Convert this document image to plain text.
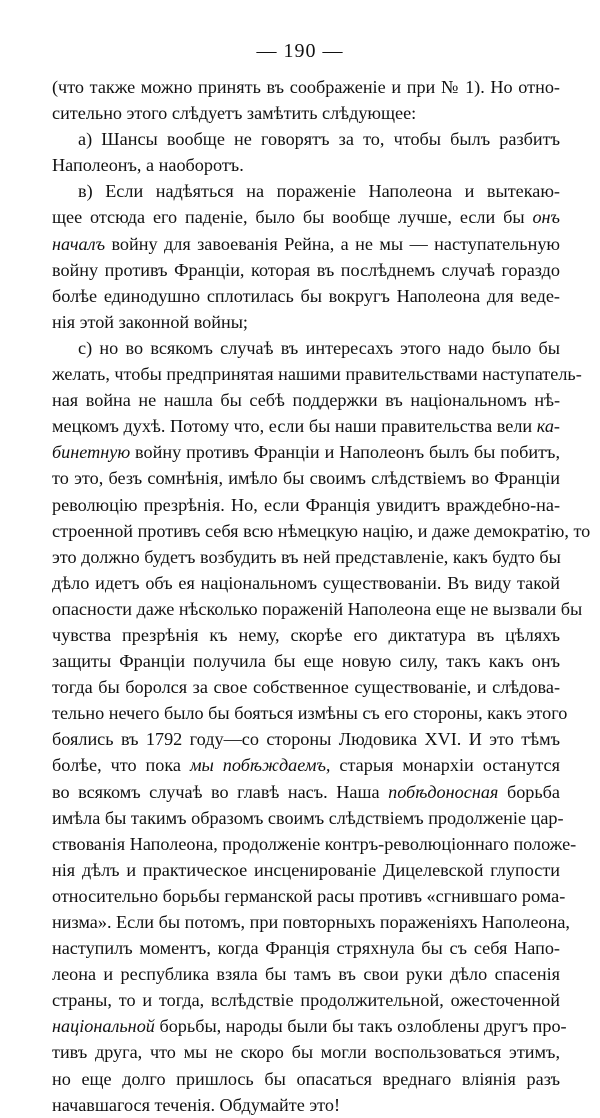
— 190 —
(что также можно принять въ соображеніе и при № 1). Но отно-
сительно этого слѣдуетъ замѣтить слѣдующее:
а) Шансы вообще не говорятъ за то, чтобы былъ разбитъ
Наполеонъ, а наоборотъ.
в) Если надѣяться на пораженіе Наполеона и вытекаю-
щее отсюда его паденіе, было бы вообще лучше, если бы онъ
началъ войну для завоеванія Рейна, а не мы — наступательную
войну противъ Франціи, которая въ послѣднемъ случаѣ гораздо
болѣе единодушно сплотилась бы вокругъ Наполеона для веде-
нія этой законной войны;
с) но во всякомъ случаѣ въ интересахъ этого надо было бы
желать, чтобы предпринятая нашими правительствами наступатель-
ная война не нашла бы себѣ поддержки въ національномъ нѣ-
мецкомъ духѣ. Потому что, если бы наши правительства вели ка-
бинетную войну противъ Франціи и Наполеонъ былъ бы побитъ,
то это, безъ сомнѣнія, имѣло бы своимъ слѣдствіемъ во Франціи
революцію презрѣнія. Но, если Франція увидитъ враждебно-на-
строенной противъ себя всю нѣмецкую націю, и даже демократію, то
это должно будетъ возбудить въ ней представленіе, какъ будто бы
дѣло идетъ объ ея національномъ существованіи. Въ виду такой
опасности даже нѣсколько пораженій Наполеона еще не вызвали бы
чувства презрѣнія къ нему, скорѣе его диктатура въ цѣляхъ
защиты Франціи получила бы еще новую силу, такъ какъ онъ
тогда бы боролся за свое собственное существованіе, и слѣдова-
тельно нечего было бы бояться измѣны съ его стороны, какъ этого
боялись въ 1792 году—со стороны Людовика XVI. И это тѣмъ
болѣе, что пока мы побѣждаемъ, старыя монархіи останутся
во всякомъ случаѣ во главѣ насъ. Наша побѣдоносная борьба
имѣла бы такимъ образомъ своимъ слѣдствіемъ продолженіе цар-
ствованія Наполеона, продолженіе контръ-революціоннаго положе-
нія дѣлъ и практическое инсценированіе Дицелевской глупости
относительно борьбы германской расы противъ «сгнившаго рома-
низма». Если бы потомъ, при повторныхъ пораженіяхъ Наполеона,
наступилъ моментъ, когда Франція стряхнула бы съ себя Напо-
леона и республика взяла бы тамъ въ свои руки дѣло спасенія
страны, то и тогда, вслѣдствіе продолжительной, ожесточенной
національной борьбы, народы были бы такъ озлоблены другъ про-
тивъ друга, что мы не скоро бы могли воспользоваться этимъ,
но еще долго пришлось бы опасаться вреднаго вліянія разъ
начавшагося теченія. Обдумайте это!
